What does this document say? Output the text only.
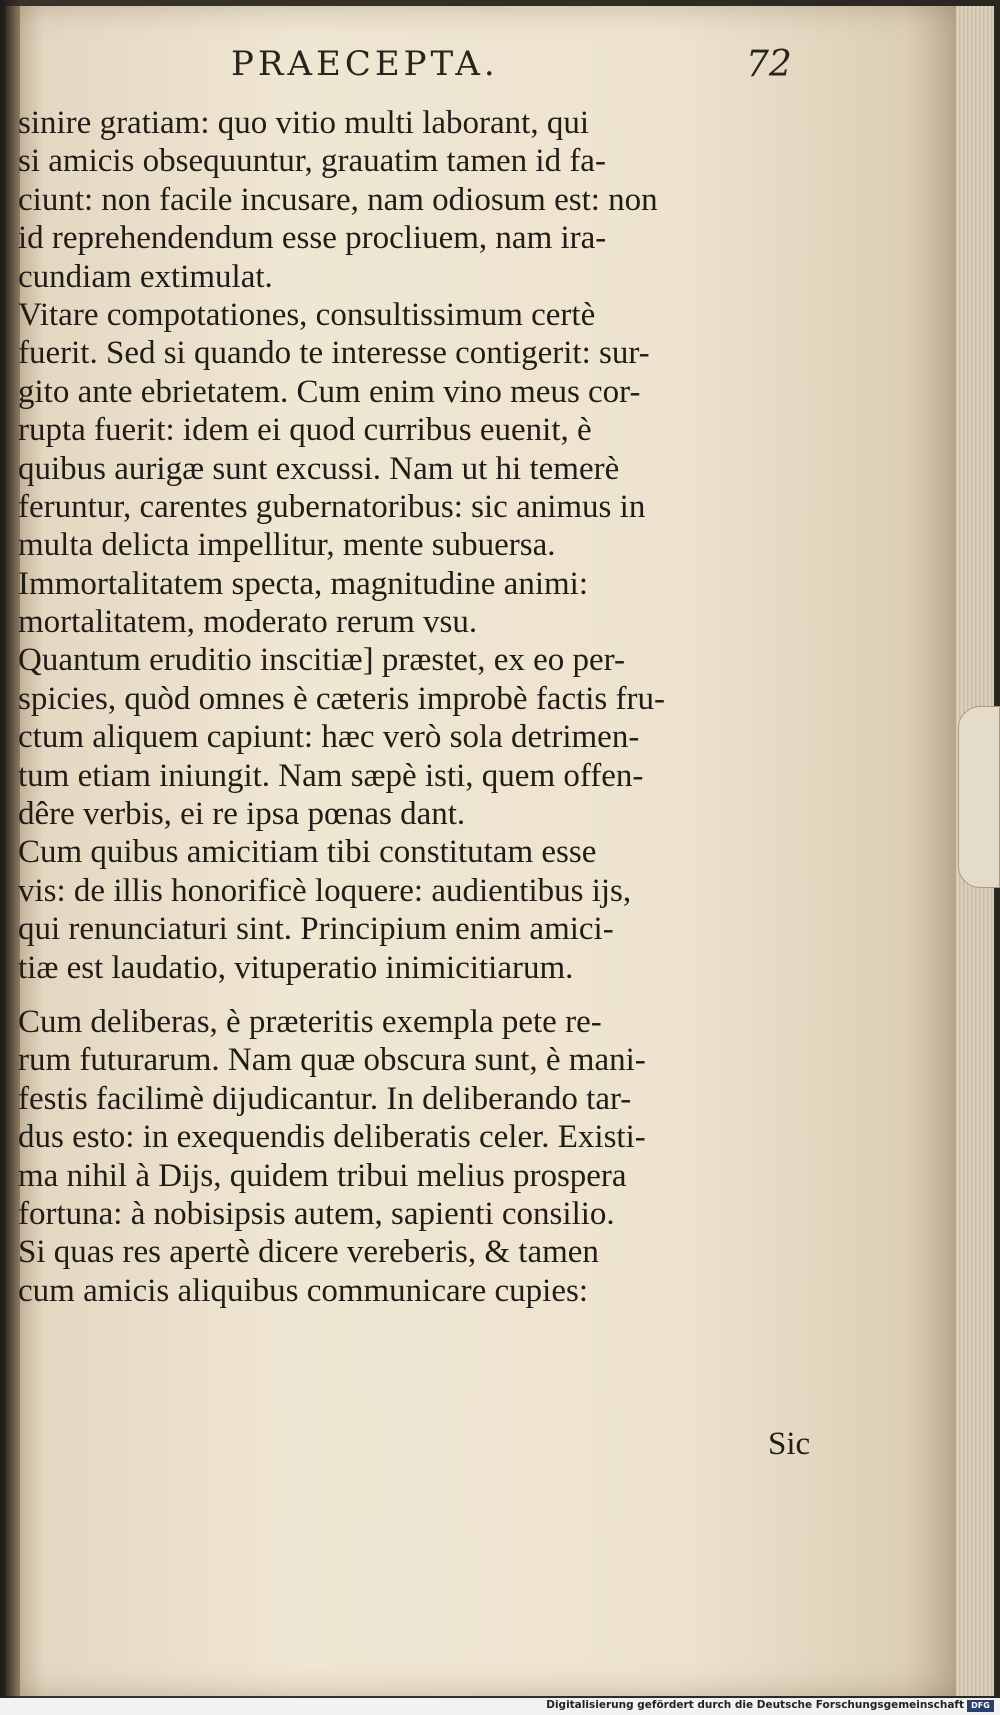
PRAECEPTA.	72
sinire gratiam: quo vitio multi laborant, qui
si amicis obsequuntur, grauatim tamen id fa-
ciunt: non facile incusare, nam odiosum est: non
id reprehendendum esse procliuem, nam ira-
cundiam extimulat.
Vitare compotationes, consultissimum certè
fuerit. Sed si quando te interesse contigerit: sur-
gito ante ebrietatem. Cum enim vino meus cor-
rupta fuerit: idem ei quod curribus euenit, è
quibus aurigæ sunt excussi. Nam ut hi temerè
feruntur, carentes gubernatoribus: sic animus in
multa delicta impellitur, mente subuersa.
Immortalitatem specta, magnitudine animi:
mortalitatem, moderato rerum vsu.
Quantum eruditio inscitiæ] præstet, ex eo per-
spicies, quòd omnes è cæteris improbè factis fru-
ctum aliquem capiunt: hæc verò sola detrimen-
tum etiam iniungit. Nam sæpè isti, quem offen-
dêre verbis, ei re ipsa pœnas dant.
Cum quibus amicitiam tibi constitutam esse
vis: de illis honorificè loquere: audientibus ijs,
qui renunciaturi sint. Principium enim amici-
tiæ est laudatio, vituperatio inimicitiarum.
Cum deliberas, è præteritis exempla pete re-
rum futurarum. Nam quæ obscura sunt, è mani-
festis facilimè dijudicantur. In deliberando tar-
dus esto: in exequendis deliberatis celer. Existi-
ma nihil à Dijs, quidem tribui melius prospera
fortuna: à nobisipsis autem, sapienti consilio.
Si quas res apertè dicere vereberis, & tamen
cum amicis aliquibus communicare cupies:
Sic
Digitalisierung gefördert durch die Deutsche Forschungsgemeinschaft DFG
